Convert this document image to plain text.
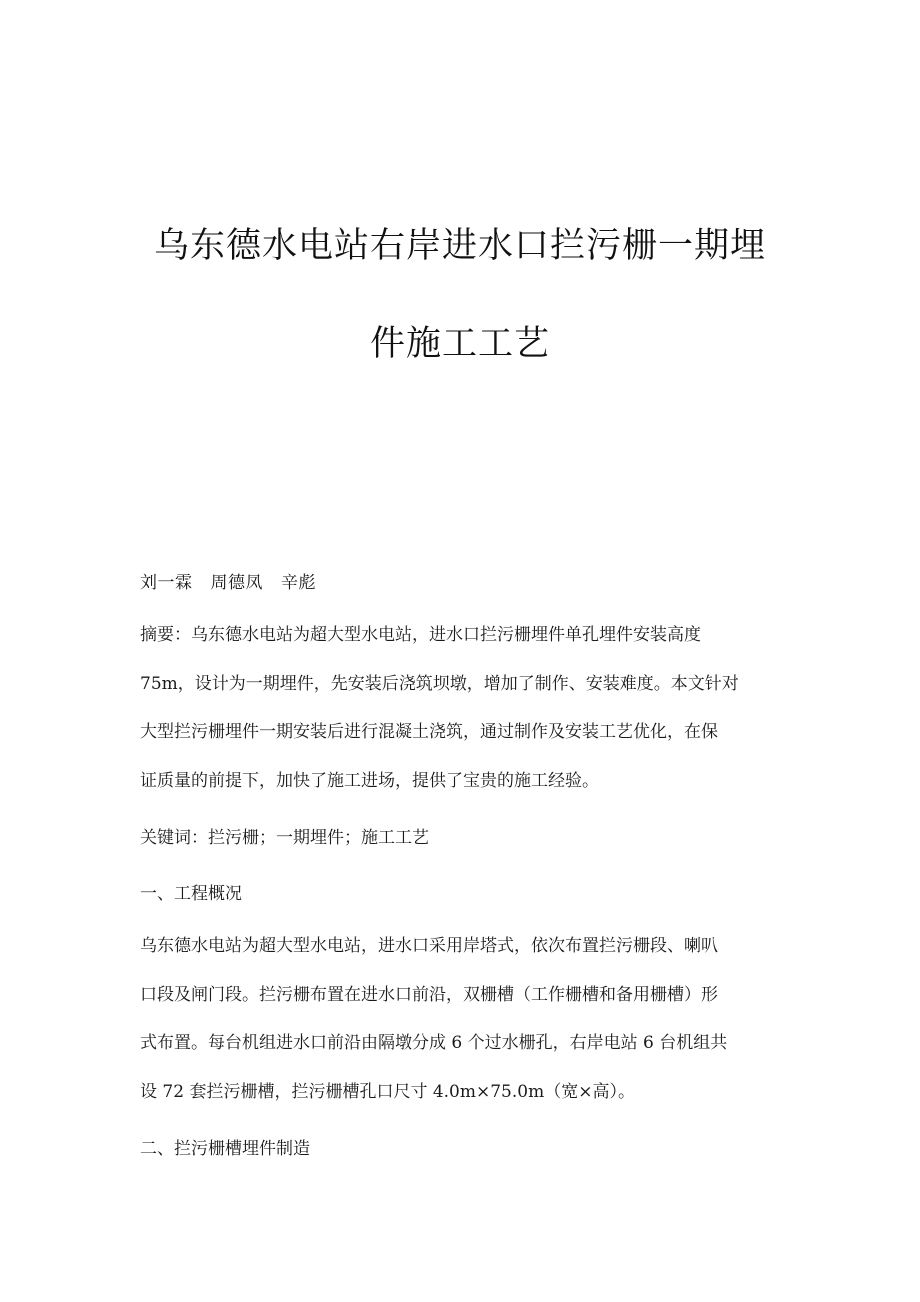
乌东德水电站右岸进水口拦污栅一期埋
件施工工艺

刘一霖 周德凤 辛彪

摘要：乌东德水电站为超大型水电站，进水口拦污栅埋件单孔埋件安装高度
75m，设计为一期埋件，先安装后浇筑坝墩，增加了制作、安装难度。本文针对
大型拦污栅埋件一期安装后进行混凝土浇筑，通过制作及安装工艺优化，在保
证质量的前提下，加快了施工进场，提供了宝贵的施工经验。

关键词：拦污栅；一期埋件；施工工艺

一、工程概况
乌东德水电站为超大型水电站，进水口采用岸塔式，依次布置拦污栅段、喇叭
口段及闸门段。拦污栅布置在进水口前沿，双栅槽（工作栅槽和备用栅槽）形
式布置。每台机组进水口前沿由隔墩分成 6 个过水栅孔，右岸电站 6 台机组共
设 72 套拦污栅槽，拦污栅槽孔口尺寸 4.0m×75.0m（宽×高）。
二、拦污栅槽埋件制造
